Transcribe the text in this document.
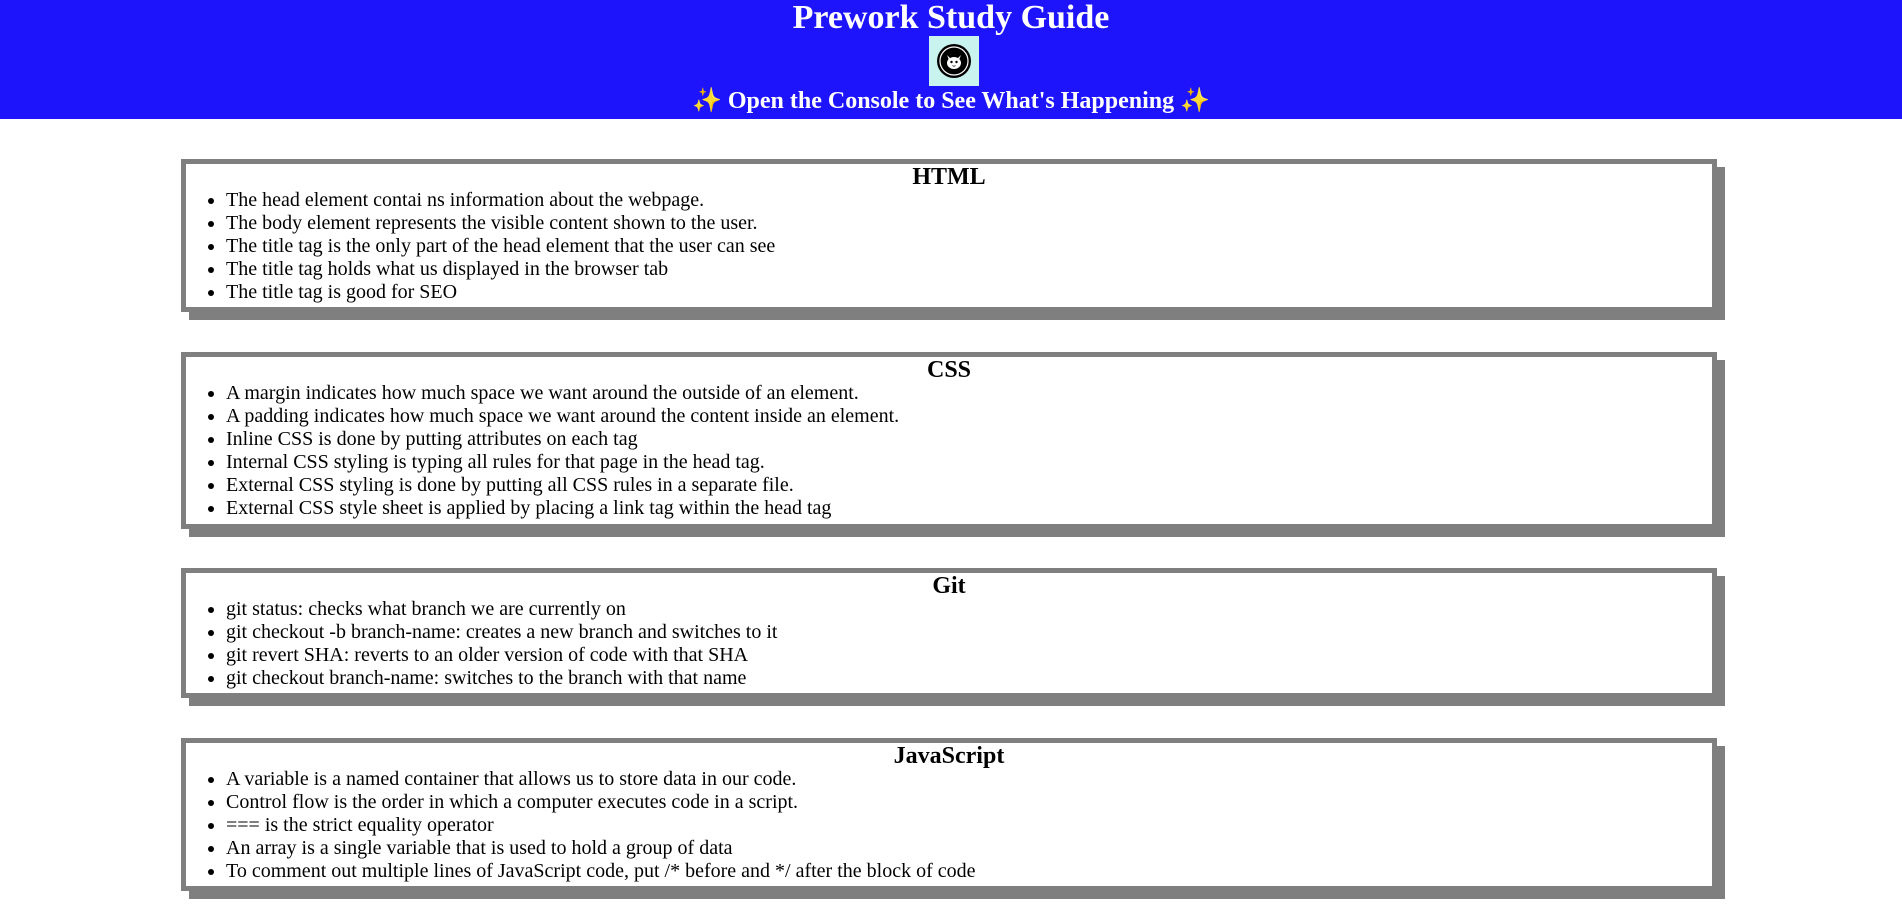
Prework Study Guide
✨ Open the Console to See What's Happening ✨
HTML
• The head element contai ns information about the webpage.
• The body element represents the visible content shown to the user.
• The title tag is the only part of the head element that the user can see
• The title tag holds what us displayed in the browser tab
• The title tag is good for SEO
CSS
• A margin indicates how much space we want around the outside of an element.
• A padding indicates how much space we want around the content inside an element.
• Inline CSS is done by putting attributes on each tag
• Internal CSS styling is typing all rules for that page in the head tag.
• External CSS styling is done by putting all CSS rules in a separate file.
• External CSS style sheet is applied by placing a link tag within the head tag
Git
• git status: checks what branch we are currently on
• git checkout -b branch-name: creates a new branch and switches to it
• git revert SHA: reverts to an older version of code with that SHA
• git checkout branch-name: switches to the branch with that name
JavaScript
• A variable is a named container that allows us to store data in our code.
• Control flow is the order in which a computer executes code in a script.
• === is the strict equality operator
• An array is a single variable that is used to hold a group of data
• To comment out multiple lines of JavaScript code, put /* before and */ after the block of code
